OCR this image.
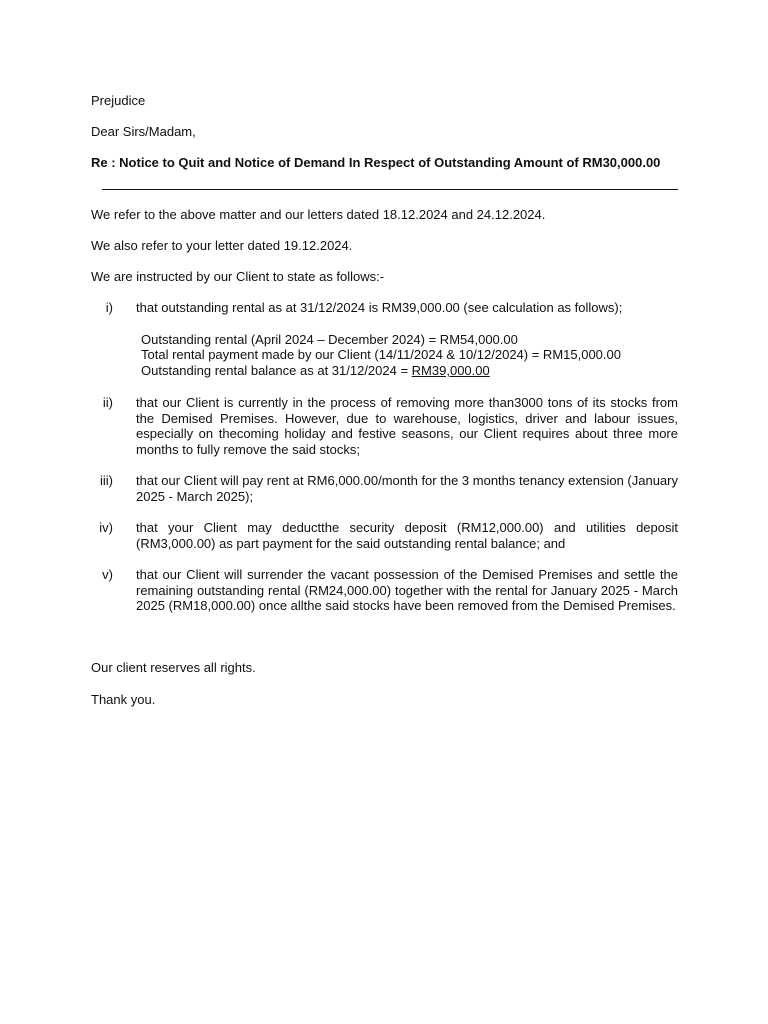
Prejudice
Dear Sirs/Madam,
Re : Notice to Quit and Notice of Demand In Respect of Outstanding Amount of RM30,000.00
We refer to the above matter and our letters dated 18.12.2024 and 24.12.2024.
We also refer to your letter dated 19.12.2024.
We are instructed by our Client to state as follows:-
i) that outstanding rental as at 31/12/2024 is RM39,000.00 (see calculation as follows);
Outstanding rental (April 2024 – December 2024) = RM54,000.00
Total rental payment made by our Client (14/11/2024 & 10/12/2024) = RM15,000.00
Outstanding rental balance as at 31/12/2024 = RM39,000.00
ii) that our Client is currently in the process of removing more than3000 tons of its stocks from the Demised Premises. However, due to warehouse, logistics, driver and labour issues, especially on thecoming holiday and festive seasons, our Client requires about three more months to fully remove the said stocks;
iii) that our Client will pay rent at RM6,000.00/month for the 3 months tenancy extension (January 2025 - March 2025);
iv) that your Client may deductthe security deposit (RM12,000.00) and utilities deposit (RM3,000.00) as part payment for the said outstanding rental balance; and
v) that our Client will surrender the vacant possession of the Demised Premises and settle the remaining outstanding rental (RM24,000.00) together with the rental for January 2025 - March 2025 (RM18,000.00) once allthe said stocks have been removed from the Demised Premises.
Our client reserves all rights.
Thank you.
